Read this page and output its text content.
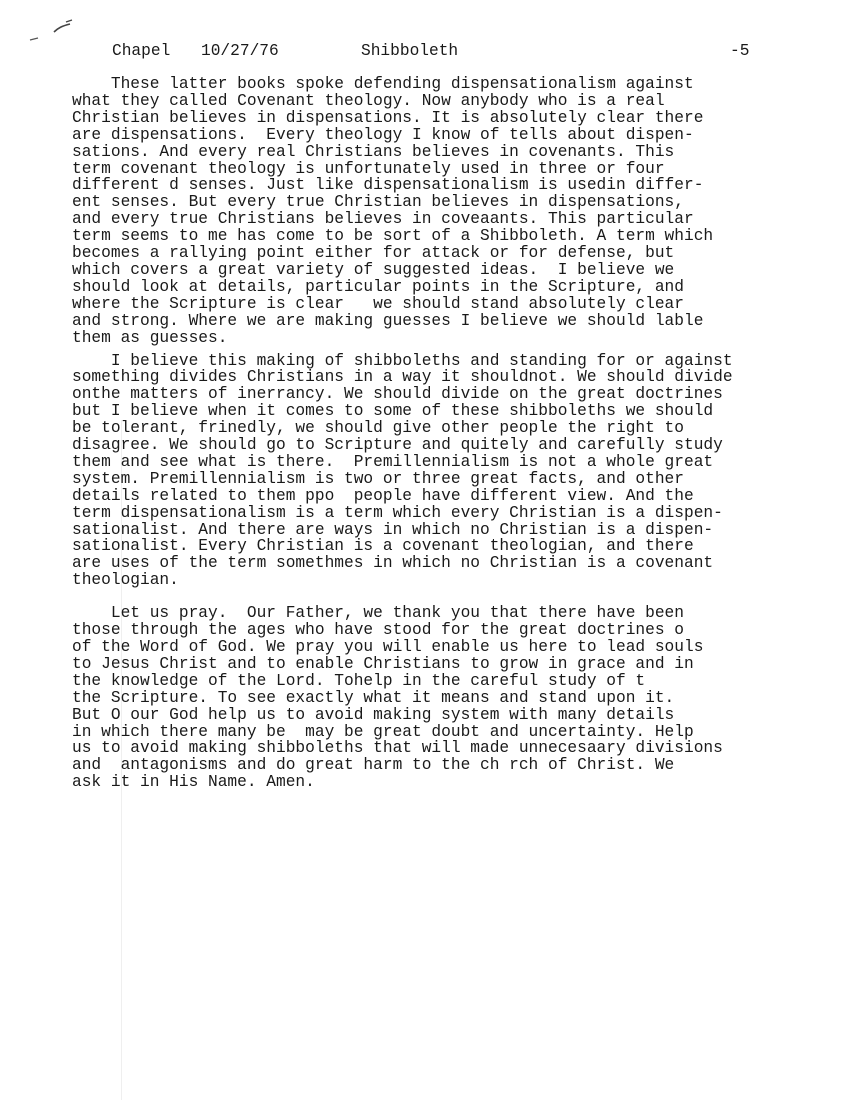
Chapel 10/27/76	Shibboleth	-5

These latter books spoke defending dispensationalism against
what they called Covenant theology. Now anybody who is a real
Christian believes in dispensations. It is absolutely clear there
are dispensations.  Every theology I know of tells about dispen-
sations. And every real Christians believes in covenants. This
term covenant theology is unfortunately used in three or four
different d senses. Just like dispensationalism is usedin differ-
ent senses. But every true Christian believes in dispensations,
and every true Christians believes in coveaants. This particular
term seems to me has come to be sort of a Shibboleth. A term which
becomes a rallying point either for attack or for defense, but
which covers a great variety of suggested ideas.  I believe we
should look at details, particular points in the Scripture, and
where the Scripture is clear   we should stand absolutely clear
and strong. Where we are making guesses I believe we should lable
them as guesses.

I believe this making of shibboleths and standing for or against
something divides Christians in a way it shouldnot. We should divide
onthe matters of inerrancy. We should divide on the great doctrines
but I believe when it comes to some of these shibboleths we should
be tolerant, frinedly, we should give other people the right to
disagree. We should go to Scripture and quitely and carefully study
them and see what is there.  Premillennialism is not a whole great
system. Premillennialism is two or three great facts, and other
details related to them ppo  people have different view. And the
term dispensationalism is a term which every Christian is a dispen-
sationalist. And there are ways in which no Christian is a dispen-
sationalist. Every Christian is a covenant theologian, and there
are uses of the term somethmes in which no Christian is a covenant
theologian.

Let us pray.  Our Father, we thank you that there have been
those through the ages who have stood for the great doctrines o
of the Word of God. We pray you will enable us here to lead souls
to Jesus Christ and to enable Christians to grow in grace and in
the knowledge of the Lord. Tohelp in the careful study of t
the Scripture. To see exactly what it means and stand upon it.
But O our God help us to avoid making system with many details
in which there many be  may be great doubt and uncertainty. Help
us to avoid making shibboleths that will made unnecesaary divisions
and  antagonisms and do great harm to the ch rch of Christ. We
ask it in His Name. Amen.
